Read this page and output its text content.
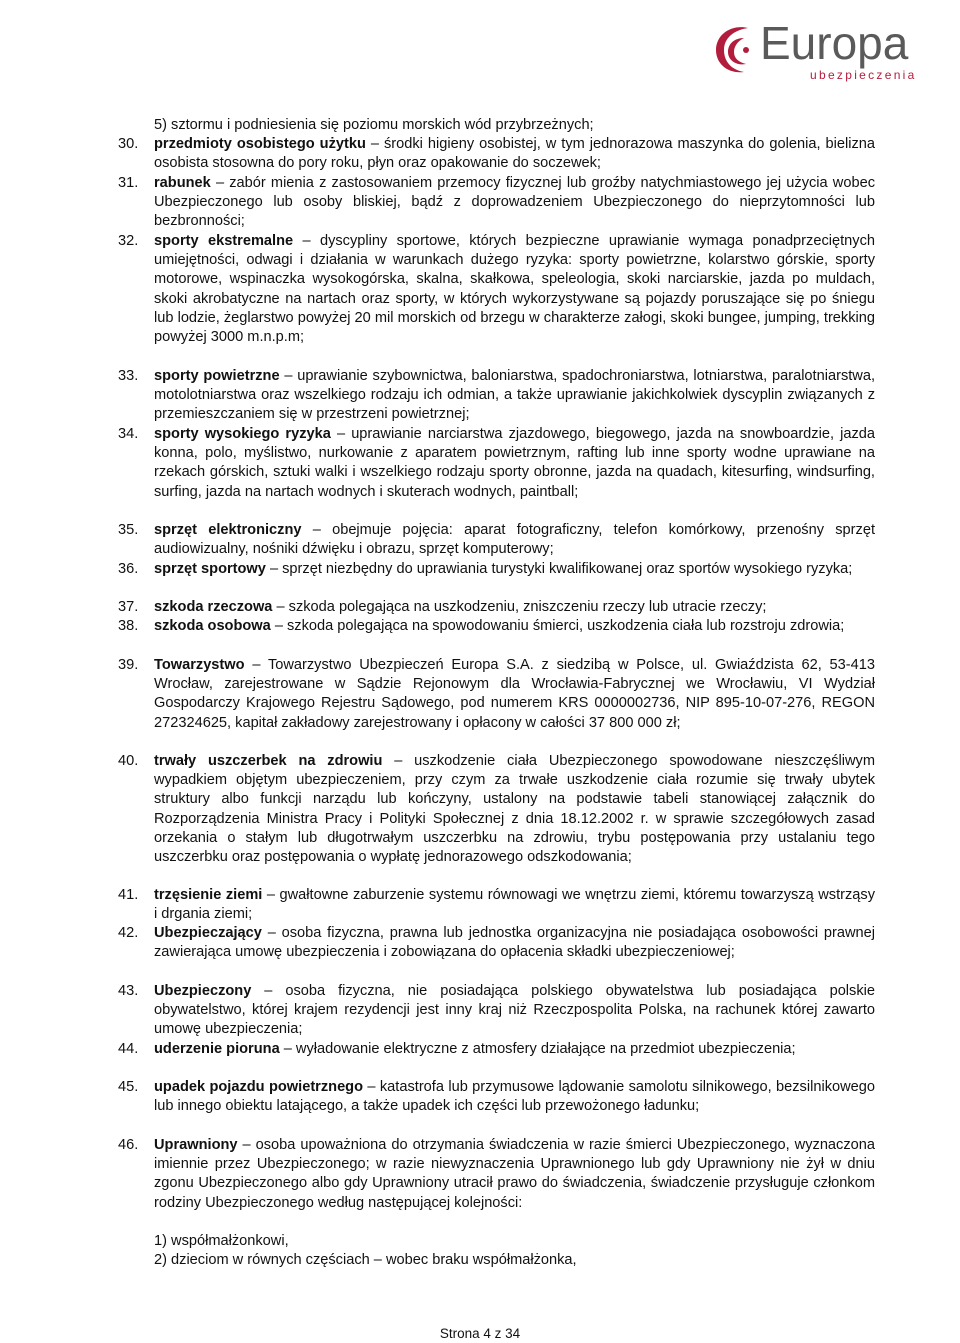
Europa
ubezpieczenia
5) sztormu i podniesienia się poziomu morskich wód przybrzeżnych;
30.	przedmioty osobistego użytku – środki higieny osobistej, w tym jednorazowa maszynka do golenia, bielizna osobista stosowna do pory roku, płyn oraz opakowanie do soczewek;
31.	rabunek – zabór mienia z zastosowaniem przemocy fizycznej lub groźby natychmiastowego jej użycia wobec Ubezpieczonego lub osoby bliskiej, bądź z doprowadzeniem Ubezpieczonego do nieprzytomności lub bezbronności;
32.	sporty ekstremalne – dyscypliny sportowe, których bezpieczne uprawianie wymaga ponadprzeciętnych umiejętności, odwagi i działania w warunkach dużego ryzyka: sporty powietrzne, kolarstwo górskie, sporty motorowe, wspinaczka wysokogórska, skalna, skałkowa, speleologia, skoki narciarskie, jazda po muldach, skoki akrobatyczne na nartach oraz sporty, w których wykorzystywane są pojazdy poruszające się po śniegu lub lodzie, żeglarstwo powyżej 20 mil morskich od brzegu w charakterze załogi, skoki bungee, jumping, trekking powyżej 3000 m.n.p.m;
33.	sporty powietrzne – uprawianie szybownictwa, baloniarstwa, spadochroniarstwa, lotniarstwa, paralotniarstwa, motolotniarstwa oraz wszelkiego rodzaju ich odmian, a także uprawianie jakichkolwiek dyscyplin związanych z przemieszczaniem się w przestrzeni powietrznej;
34.	sporty wysokiego ryzyka – uprawianie narciarstwa zjazdowego, biegowego, jazda na snowboardzie, jazda konna, polo, myślistwo, nurkowanie z aparatem powietrznym, rafting lub inne sporty wodne uprawiane na rzekach górskich, sztuki walki i wszelkiego rodzaju sporty obronne, jazda na quadach, kitesurfing, windsurfing, surfing, jazda na nartach wodnych i skuterach wodnych, paintball;
35.	sprzęt elektroniczny – obejmuje pojęcia: aparat fotograficzny, telefon komórkowy, przenośny sprzęt audiowizualny, nośniki dźwięku i obrazu, sprzęt komputerowy;
36.	sprzęt sportowy – sprzęt niezbędny do uprawiania turystyki kwalifikowanej oraz sportów wysokiego ryzyka;
37.	szkoda rzeczowa – szkoda polegająca na uszkodzeniu, zniszczeniu rzeczy lub utracie rzeczy;
38.	szkoda osobowa – szkoda polegająca na spowodowaniu śmierci, uszkodzenia ciała lub rozstroju zdrowia;
39.	Towarzystwo – Towarzystwo Ubezpieczeń Europa S.A. z siedzibą w Polsce, ul. Gwiaździsta 62, 53-413 Wrocław, zarejestrowane w Sądzie Rejonowym dla Wrocławia-Fabrycznej we Wrocławiu, VI Wydział Gospodarczy Krajowego Rejestru Sądowego, pod numerem KRS 0000002736, NIP 895-10-07-276, REGON 272324625, kapitał zakładowy zarejestrowany i opłacony w całości 37 800 000 zł;
40.	trwały uszczerbek na zdrowiu – uszkodzenie ciała Ubezpieczonego spowodowane nieszczęśliwym wypadkiem objętym ubezpieczeniem, przy czym za trwałe uszkodzenie ciała rozumie się trwały ubytek struktury albo funkcji narządu lub kończyny, ustalony na podstawie tabeli stanowiącej załącznik do Rozporządzenia Ministra Pracy i Polityki Społecznej z dnia 18.12.2002 r. w sprawie szczegółowych zasad orzekania o stałym lub długotrwałym uszczerbku na zdrowiu, trybu postępowania przy ustalaniu tego uszczerbku oraz postępowania o wypłatę jednorazowego odszkodowania;
41.	trzęsienie ziemi – gwałtowne zaburzenie systemu równowagi we wnętrzu ziemi, któremu towarzyszą wstrząsy i drgania ziemi;
42.	Ubezpieczający – osoba fizyczna, prawna lub jednostka organizacyjna nie posiadająca osobowości prawnej zawierająca umowę ubezpieczenia i zobowiązana do opłacenia składki ubezpieczeniowej;
43.	Ubezpieczony – osoba fizyczna, nie posiadająca polskiego obywatelstwa lub posiadająca polskie obywatelstwo, której krajem rezydencji jest inny kraj niż Rzeczpospolita Polska, na rachunek której zawarto umowę ubezpieczenia;
44.	uderzenie pioruna – wyładowanie elektryczne z atmosfery działające na przedmiot ubezpieczenia;
45.	upadek pojazdu powietrznego – katastrofa lub przymusowe lądowanie samolotu silnikowego, bezsilnikowego lub innego obiektu latającego, a także upadek ich części lub przewożonego ładunku;
46.	Uprawniony – osoba upoważniona do otrzymania świadczenia w razie śmierci Ubezpieczonego, wyznaczona imiennie przez Ubezpieczonego; w razie niewyznaczenia Uprawnionego lub gdy Uprawniony nie żył w dniu zgonu Ubezpieczonego albo gdy Uprawniony utracił prawo do świadczenia, świadczenie przysługuje członkom rodziny Ubezpieczonego według następującej kolejności:
1) współmałżonkowi,
2) dzieciom w równych częściach – wobec braku współmałżonka,
Strona 4 z 34
